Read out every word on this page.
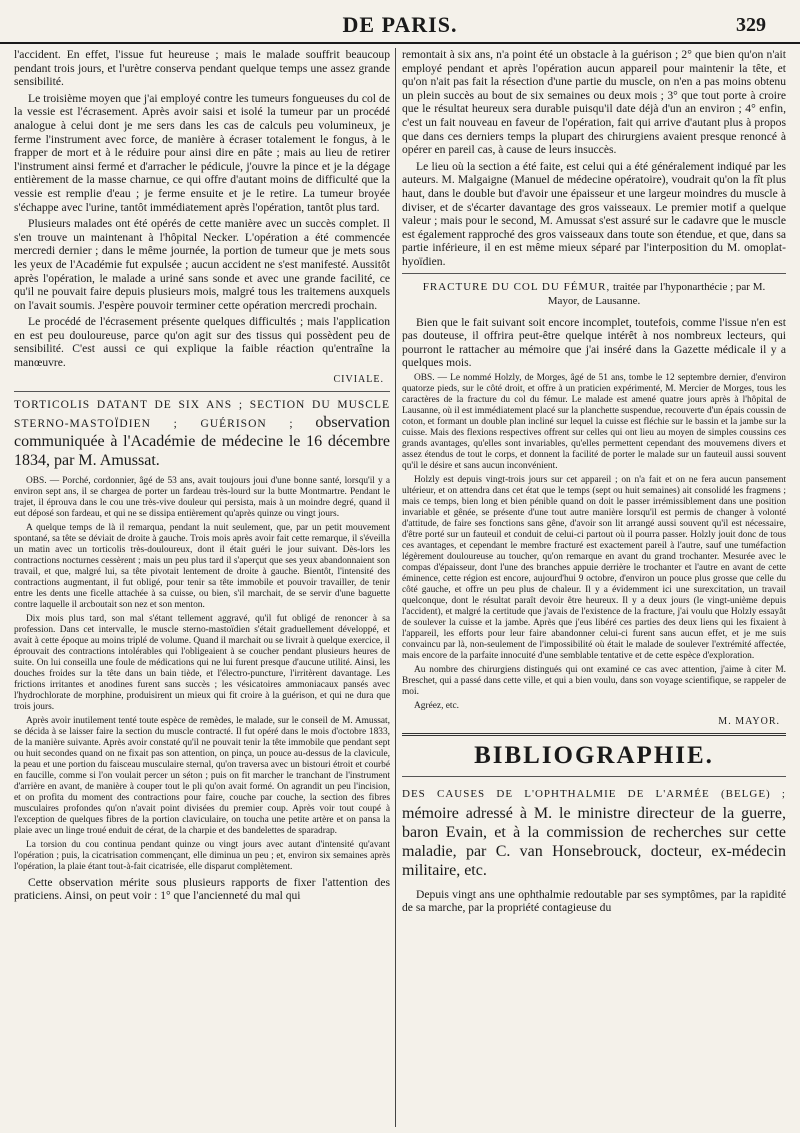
DE PARIS.	329

l'accident. En effet, l'issue fut heureuse ; mais le malade souffrit beaucoup pendant trois jours, et l'urètre conserva pendant quelque temps une assez grande sensibilité.

Le troisième moyen que j'ai employé contre les tumeurs fongueuses du col de la vessie est l'écrasement. Après avoir saisi et isolé la tumeur par un procédé analogue à celui dont je me sers dans les cas de calculs peu volumineux, je ferme l'instrument avec force, de manière à écraser totalement le fongus, à le frapper de mort et à le réduire pour ainsi dire en pâte ; mais au lieu de retirer l'instrument ainsi fermé et d'arracher le pédicule, j'ouvre la pince et je la dégage entièrement de la masse charnue, ce qui offre d'autant moins de difficulté que la vessie est remplie d'eau ; je ferme ensuite et je le retire. La tumeur broyée s'échappe avec l'urine, tantôt immédiatement après l'opération, tantôt plus tard.

Plusieurs malades ont été opérés de cette manière avec un succès complet. Il s'en trouve un maintenant à l'hôpital Necker. L'opération a été commencée mercredi dernier ; dans le même journée, la portion de tumeur que je mets sous les yeux de l'Académie fut expulsée ; aucun accident ne s'est manifesté. Aussitôt après l'opération, le malade a uriné sans sonde et avec une grande facilité, ce qu'il ne pouvait faire depuis plusieurs mois, malgré tous les traitemens auxquels on l'avait soumis. J'espère pouvoir terminer cette opération mercredi prochain.

Le procédé de l'écrasement présente quelques difficultés ; mais l'application en est peu douloureuse, parce qu'on agit sur des tissus qui possèdent peu de sensibilité. C'est aussi ce qui explique la faible réaction qu'entraîne la manœuvre.

CIVIALE.
TORTICOLIS DATANT DE SIX ANS ; SECTION DU MUSCLE STERNO-MASTOÏDIEN ; GUÉRISON ; observation communiquée à l'Académie de médecine le 16 décembre 1834, par M. Amussat.

OBS. — Porché, cordonnier, âgé de 53 ans, avait toujours joui d'une bonne santé, lorsqu'il y a environ sept ans, il se chargea de porter un fardeau très-lourd sur la butte Montmartre. Pendant le trajet, il éprouva dans le cou une très-vive douleur qui persista, mais à un moindre degré, quand il eut déposé son fardeau, et qui ne se dissipa entièrement qu'après quinze ou vingt jours.

A quelque temps de là il remarqua, pendant la nuit seulement, que, par un petit mouvement spontané, sa tête se déviait de droite à gauche. Trois mois après avoir fait cette remarque, il s'éveilla un matin avec un torticolis très-douloureux, dont il était guéri le jour suivant. Dès-lors les contractions nocturnes cessèrent ; mais un peu plus tard il s'aperçut que ses yeux abandonnaient son travail, et que, malgré lui, sa tête pivotait lentement de droite à gauche. Bientôt, l'intensité des contractions augmentant, il fut obligé, pour tenir sa tête immobile et pouvoir travailler, de tenir entre les dents une ficelle attachée à sa cuisse, ou bien, s'il marchait, de se servir d'une baguette contre laquelle il arcboutait son nez et son menton.

Dix mois plus tard, son mal s'étant tellement aggravé, qu'il fut obligé de renoncer à sa profession. Dans cet intervalle, le muscle sterno-mastoïdien s'était graduellement développé, et avait à cette époque au moins triplé de volume. Quand il marchait ou se livrait à quelque exercice, il éprouvait des contractions intolérables qui l'obligeaient à se coucher pendant plusieurs heures de suite. On lui conseilla une foule de médications qui ne lui furent presque d'aucune utilité. Ainsi, les douches froides sur la tête dans un bain tiède, et l'électro-puncture, l'irritèrent davantage. Les frictions irritantes et anodines furent sans succès ; les vésicatoires ammoniacaux pansés avec l'hydrochlorate de morphine, produisirent un mieux qui fit croire à la guérison, et qui ne dura que trois jours.

Après avoir inutilement tenté toute espèce de remèdes, le malade, sur le conseil de M. Amussat, se décida à se laisser faire la section du muscle contracté. Il fut opéré dans le mois d'octobre 1833, de la manière suivante. Après avoir constaté qu'il ne pouvait tenir la tête immobile que pendant sept ou huit secondes quand on ne fixait pas son attention, on pinça, un pouce au-dessus de la clavicule, la peau et une portion du faisceau musculaire sternal, qu'on traversa avec un bistouri étroit et courbé en faucille, comme si l'on voulait percer un séton ; puis on fit marcher le tranchant de l'instrument d'arrière en avant, de manière à couper tout le pli qu'on avait formé. On agrandit un peu l'incision, et on profita du moment des contractions pour faire, couche par couche, la section des fibres musculaires profondes qu'on n'avait point divisées du premier coup. Après voir tout coupé à l'exception de quelques fibres de la portion claviculaire, on toucha une petite artère et on pansa la plaie avec un linge troué enduit de cérat, de la charpie et des bandelettes de sparadrap.

La torsion du cou continua pendant quinze ou vingt jours avec autant d'intensité qu'avant l'opération ; puis, la cicatrisation commençant, elle diminua un peu ; et, environ six semaines après l'opération, la plaie étant tout-à-fait cicatrisée, elle disparut complètement.

Cette observation mérite sous plusieurs rapports de fixer l'attention des praticiens. Ainsi, on peut voir : 1° que l'ancienneté du mal qui

remontait à six ans, n'a point été un obstacle à la guérison ; 2° que bien qu'on n'ait employé pendant et après l'opération aucun appareil pour maintenir la tête, et qu'on n'ait pas fait la résection d'une partie du muscle, on n'en a pas moins obtenu un plein succès au bout de six semaines ou deux mois ; 3° que tout porte à croire que le résultat heureux sera durable puisqu'il date déjà d'un an environ ; 4° enfin, c'est un fait nouveau en faveur de l'opération, fait qui arrive d'autant plus à propos que dans ces derniers temps la plupart des chirurgiens avaient presque renoncé à opérer en pareil cas, à cause de leurs insuccès.

Le lieu où la section a été faite, est celui qui a été généralement indiqué par les auteurs. M. Malgaigne (Manuel de médecine opératoire), voudrait qu'on la fît plus haut, dans le double but d'avoir une épaisseur et une largeur moindres du muscle à diviser, et de s'écarter davantage des gros vaisseaux. Le premier motif a quelque valeur ; mais pour le second, M. Amussat s'est assuré sur le cadavre que le muscle est également rapproché des gros vaisseaux dans toute son étendue, et que, dans sa partie inférieure, il en est même mieux séparé par l'interposition du M. omoplat-hyoïdien.

FRACTURE DU COL DU FÉMUR, traitée par l'hyponarthécie ; par M. Mayor, de Lausanne.

Bien que le fait suivant soit encore incomplet, toutefois, comme l'issue n'en est pas douteuse, il offrira peut-être quelque intérêt à nos nombreux lecteurs, qui pourront le rattacher au mémoire que j'ai inséré dans la Gazette médicale il y a quelques mois.

OBS. — Le nommé Holzly, de Morges, âgé de 51 ans, tombe le 12 septembre dernier, d'environ quatorze pieds, sur le côté droit, et offre à un praticien expérimenté, M. Mercier de Morges, tous les caractères de la fracture du col du fémur. Le malade est amené quatre jours après à l'hôpital de Lausanne, où il est immédiatement placé sur la planchette suspendue, recouverte d'un épais coussin de coton, et formant un double plan incliné sur lequel la cuisse est fléchie sur le bassin et la jambe sur la cuisse. Mais des flexions respectives offrent sur celles qui ont lieu au moyen de simples coussins ces grands avantages, qu'elles sont invariables, qu'elles permettent cependant des mouvemens divers et assez étendus de tout le corps, et donnent la facilité de porter le malade sur un fauteuil aussi souvent qu'il le désire et sans aucun inconvénient.

Holzly est depuis vingt-trois jours sur cet appareil ; on n'a fait et on ne fera aucun pansement ultérieur, et on attendra dans cet état que le temps (sept ou huit semaines) ait consolidé les fragmens ; mais ce temps, bien long et bien pénible quand on doit le passer irrémissiblement dans une position invariable et gênée, se présente d'une tout autre manière lorsqu'il est permis de changer à volonté d'attitude, de faire ses fonctions sans gêne, d'avoir son lit arrangé aussi souvent qu'il est nécessaire, d'être porté sur un fauteuil et conduit de celui-ci partout où il pourra passer. Holzly jouit donc de tous ces avantages, et cependant le membre fracturé est exactement pareil à l'autre, sauf une tuméfaction légèrement douloureuse au toucher, qu'on remarque en avant du grand trochanter. Mesurée avec le compas d'épaisseur, dont l'une des branches appuie derrière le trochanter et l'autre en avant de cette éminence, cette région est encore, aujourd'hui 9 octobre, d'environ un pouce plus grosse que celle du côté gauche, et offre un peu plus de chaleur. Il y a évidemment ici une surexcitation, un travail quelconque, dont le résultat paraît devoir être heureux. Il y a deux jours (le vingt-unième depuis l'accident), et malgré la certitude que j'avais de l'existence de la fracture, j'ai voulu que Holzly essayât de soulever la cuisse et la jambe. Après que j'eus libéré ces parties des deux liens qui les fixaient à l'appareil, les efforts pour leur faire abandonner celui-ci furent sans aucun effet, et je me suis convaincu par là, non-seulement de l'impossibilité où était le malade de soulever l'extrémité affectée, mais encore de la parfaite innocuité d'une semblable tentative et de cette espèce d'exploration.

Au nombre des chirurgiens distingués qui ont examiné ce cas avec attention, j'aime à citer M. Breschet, qui a passé dans cette ville, et qui a bien voulu, dans son voyage scientifique, se rappeler de moi.

Agréez, etc.

M. MAYOR.
BIBLIOGRAPHIE.
DES CAUSES DE L'OPHTHALMIE DE L'ARMÉE (BELGE) ; mémoire adressé à M. le ministre directeur de la guerre, baron Evain, et à la commission de recherches sur cette maladie, par C. van Honsebrouck, docteur, ex-médecin militaire, etc.

Depuis vingt ans une ophthalmie redoutable par ses symptômes, par la rapidité de sa marche, par la propriété contagieuse du
